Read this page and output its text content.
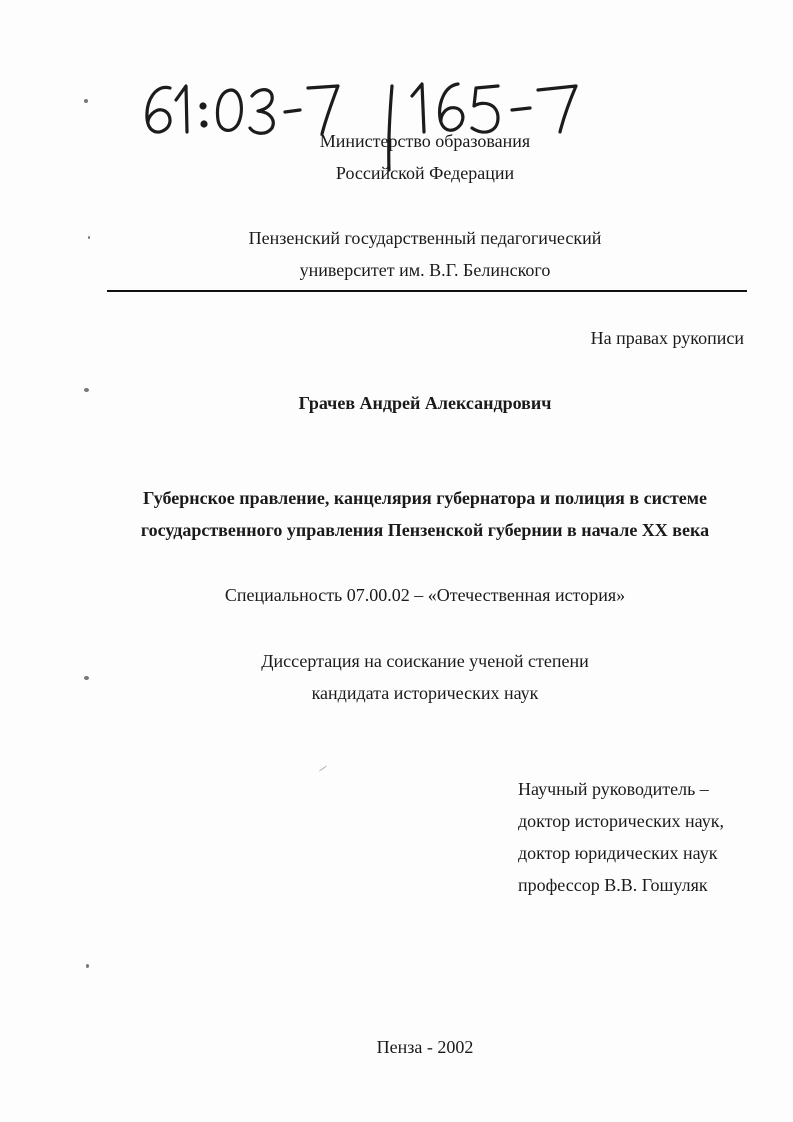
Министерство образования
Российской Федерации
Пензенский государственный педагогический
университет им. В.Г. Белинского
На правах рукописи
Грачев Андрей Александрович
Губернское правление, канцелярия губернатора и полиция в системе
государственного управления Пензенской губернии в начале XX века
Специальность 07.00.02 – «Отечественная история»
Диссертация на соискание ученой степени
кандидата исторических наук
Научный руководитель –
доктор исторических наук,
доктор юридических наук
профессор В.В. Гошуляк
Пенза - 2002
